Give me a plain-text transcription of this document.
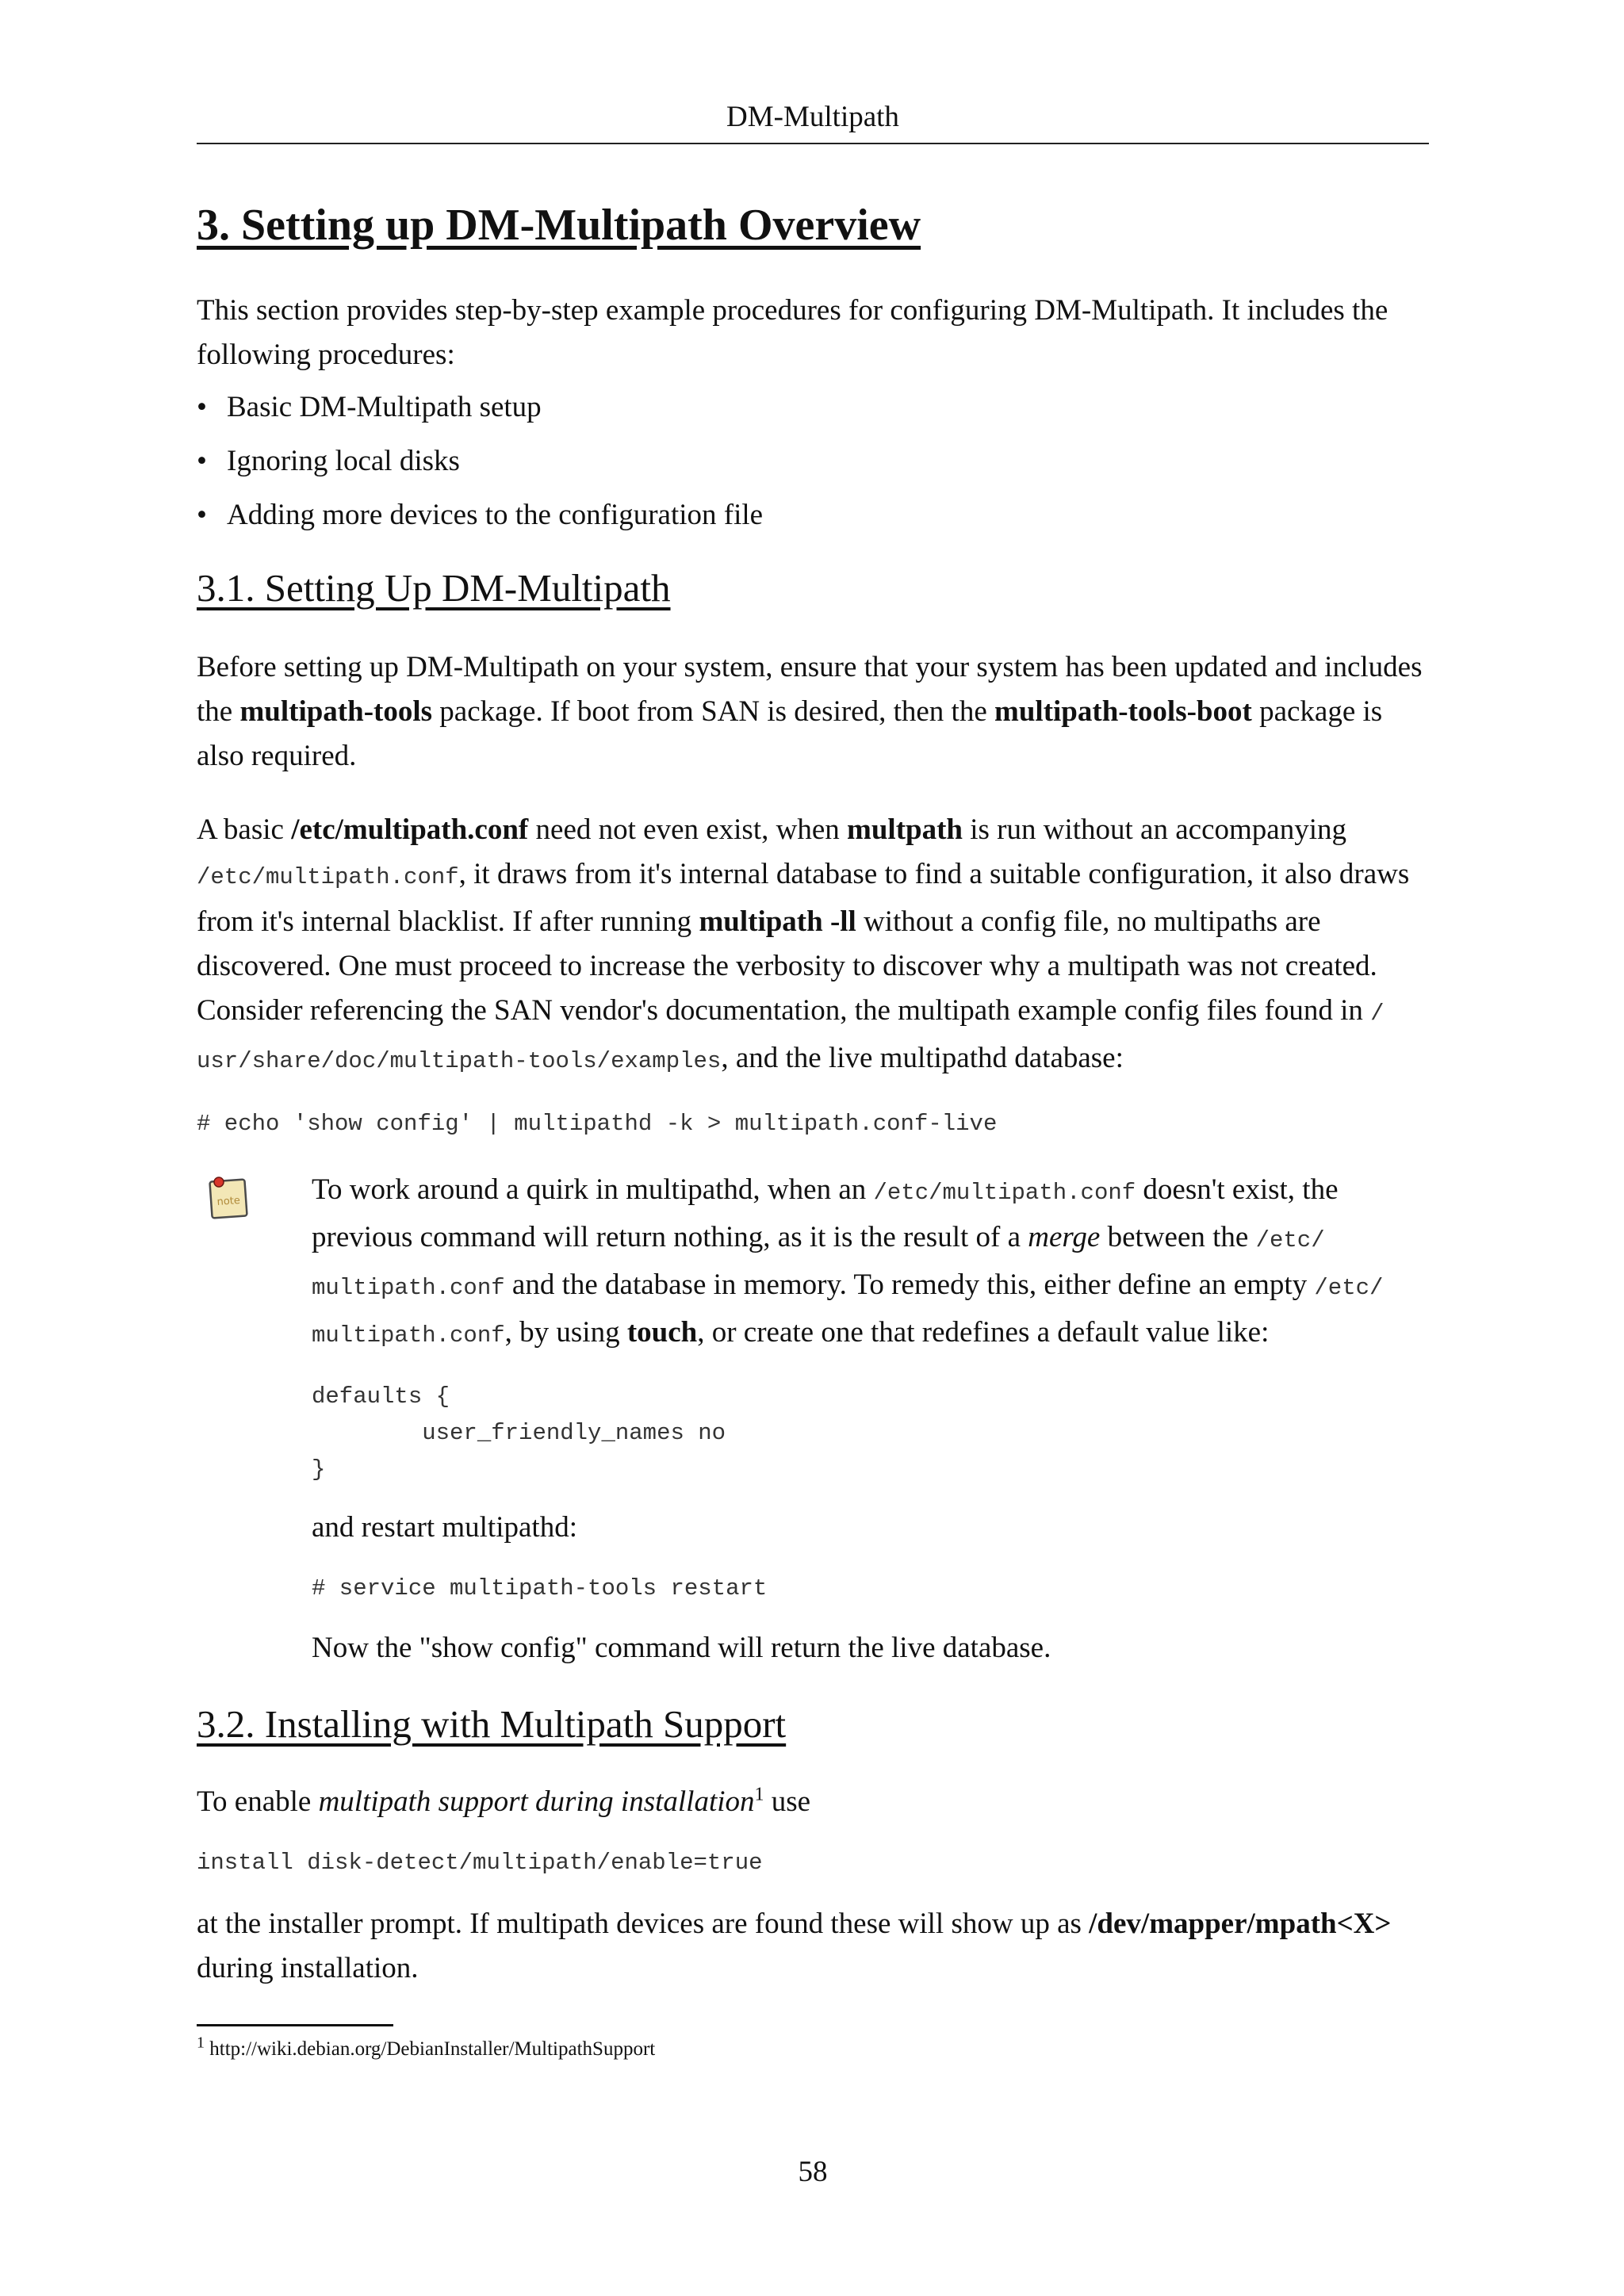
DM-Multipath
3. Setting up DM-Multipath Overview

This section provides step-by-step example procedures for configuring DM-Multipath. It includes the following procedures:

• Basic DM-Multipath setup
• Ignoring local disks
• Adding more devices to the configuration file
3.1. Setting Up DM-Multipath

Before setting up DM-Multipath on your system, ensure that your system has been updated and includes the multipath-tools package. If boot from SAN is desired, then the multipath-tools-boot package is also required.

A basic /etc/multipath.conf need not even exist, when multpath is run without an accompanying /etc/multipath.conf, it draws from it's internal database to find a suitable configuration, it also draws from it's internal blacklist. If after running multipath -ll without a config file, no multipaths are discovered. One must proceed to increase the verbosity to discover why a multipath was not created. Consider referencing the SAN vendor's documentation, the multipath example config files found in / usr/share/doc/multipath-tools/examples, and the live multipathd database:

# echo 'show config' | multipathd -k > multipath.conf-live
note To work around a quirk in multipathd, when an /etc/multipath.conf doesn't exist, the previous command will return nothing, as it is the result of a merge between the /etc/ multipath.conf and the database in memory. To remedy this, either define an empty /etc/ multipath.conf, by using touch, or create one that redefines a default value like:

defaults {
user_friendly_names no
}

and restart multipathd:

# service multipath-tools restart

Now the "show config" command will return the live database.

3.2. Installing with Multipath Support

To enable multipath support during installation$^1$ use

install disk-detect/multipath/enable=true

at the installer prompt. If multipath devices are found these will show up as /dev/mapper/mpath<X> during installation.

$^1$ http://wiki.debian.org/DebianInstaller/MultipathSupport
58
